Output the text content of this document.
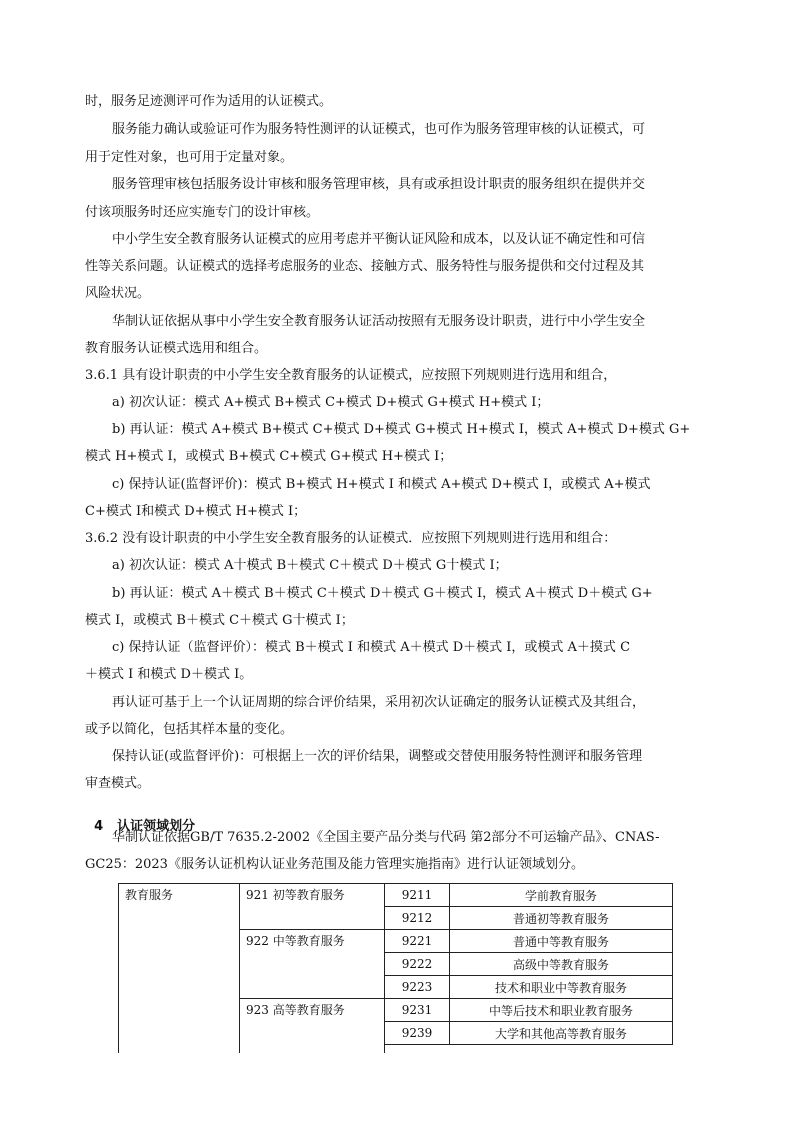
时，服务足迹测评可作为适用的认证模式。
服务能力确认或验证可作为服务特性测评的认证模式，也可作为服务管理审核的认证模式，可
用于定性对象，也可用于定量对象。
服务管理审核包括服务设计审核和服务管理审核，具有或承担设计职责的服务组织在提供并交
付该项服务时还应实施专门的设计审核。
中小学生安全教育服务认证模式的应用考虑并平衡认证风险和成本，以及认证不确定性和可信
性等关系问题。认证模式的选择考虑服务的业态、接触方式、服务特性与服务提供和交付过程及其
风险状况。
华制认证依据从事中小学生安全教育服务认证活动按照有无服务设计职责，进行中小学生安全
教育服务认证模式选用和组合。
3.6.1 具有设计职责的中小学生安全教育服务的认证模式，应按照下列规则进行选用和组合，
a) 初次认证：模式 A+模式 B+模式 C+模式 D+模式 G+模式 H+模式 I；
b) 再认证：模式 A+模式 B+模式 C+模式 D+模式 G+模式 H+模式 I，模式 A+模式 D+模式 G+
模式 H+模式 I，或模式 B+模式 C+模式 G+模式 H+模式 I；
c) 保持认证(监督评价)：模式 B+模式 H+模式 I 和模式 A+模式 D+模式 I，或模式 A+模式
C+模式 I和模式 D+模式 H+模式 I；
3.6.2 没有设计职责的中小学生安全教育服务的认证模式．应按照下列规则进行选用和组合：
a) 初次认证：模式 A十模式 B＋模式 C＋模式 D＋模式 G十模式 I；
b) 再认证：模式 A＋模式 B＋模式 C＋模式 D＋模式 G＋模式 I，模式 A＋模式 D＋模式 G+
模式 I，或模式 B＋模式 C＋模式 G十模式 I；
c) 保持认证（监督评价）：模式 B＋模式 I 和模式 A＋模式 D＋模式 I，或模式 A＋摸式 C
＋模式 I 和模式 D＋模式 I。
再认证可基于上一个认证周期的综合评价结果，采用初次认证确定的服务认证模式及其组合，
或予以简化，包括其样本量的变化。
保持认证(或监督评价)：可根据上一次的评价结果，调整或交替使用服务特性测评和服务管理
审查模式。

4 认证领域划分

华制认证依据GB/T 7635.2-2002《全国主要产品分类与代码 第2部分不可运输产品》、CNAS-
GC25：2023《服务认证机构认证业务范围及能力管理实施指南》进行认证领域划分。
教育服务	921 初等教育服务	9211	学前教育服务
		9212	普通初等教育服务
	922 中等教育服务	9221	普通中等教育服务
		9222	高级中等教育服务
		9223	技术和职业中等教育服务
	923 高等教育服务	9231	中等后技术和职业教育服务
		9239	大学和其他高等教育服务
